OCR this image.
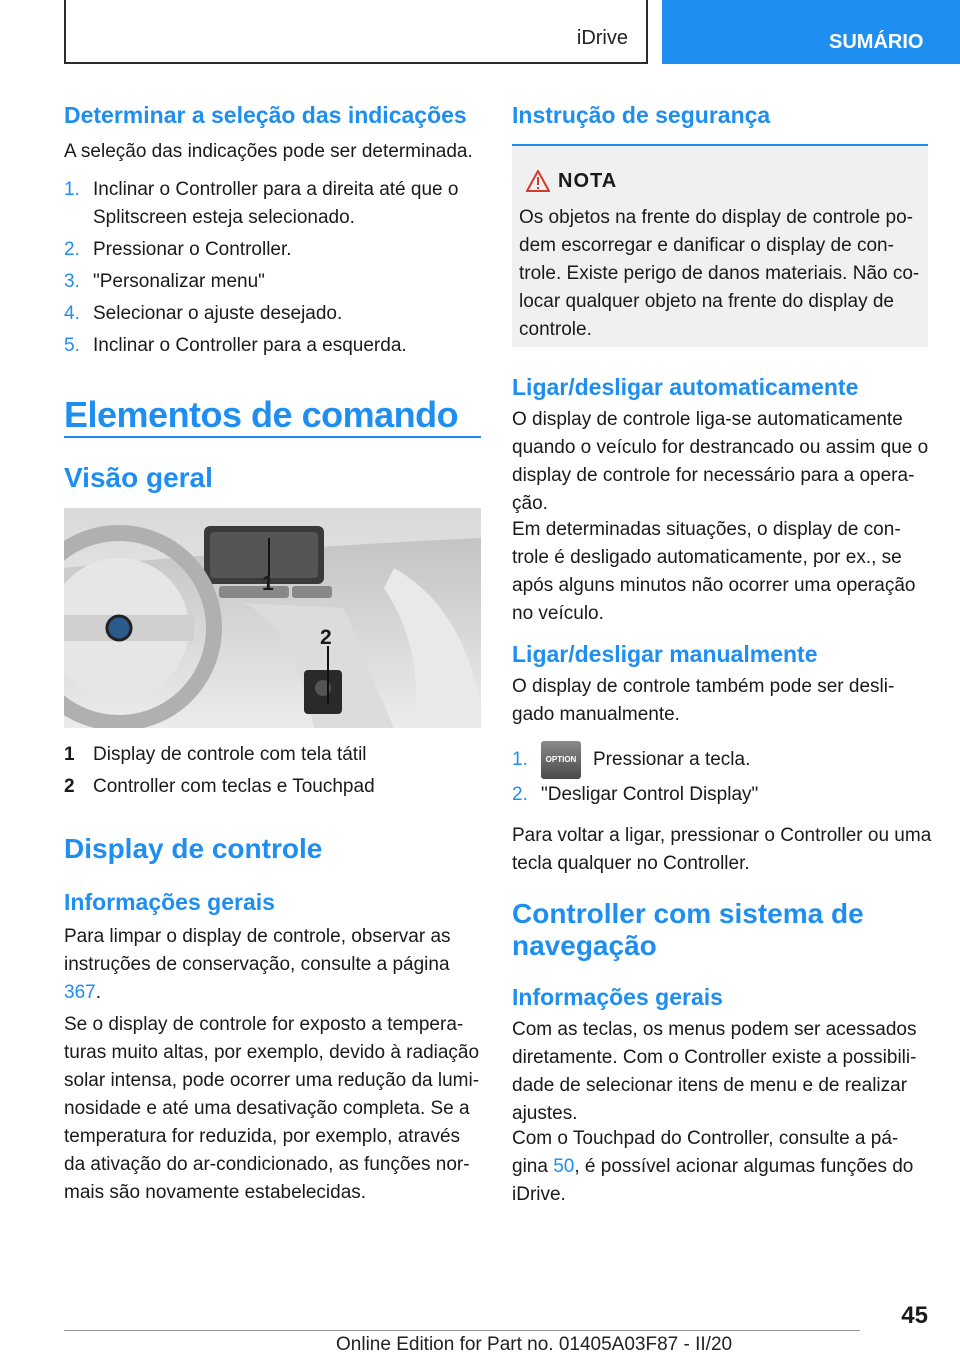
iDrive	SUMÁRIO
Determinar a seleção das indicações
A seleção das indicações pode ser determinada.
1. Inclinar o Controller para a direita até que o
Splitscreen esteja selecionado.
2. Pressionar o Controller.
3. "Personalizar menu"
4. Selecionar o ajuste desejado.
5. Inclinar o Controller para a esquerda.
Elementos de comando
Visão geral
1
2
1 Display de controle com tela tátil
2 Controller com teclas e Touchpad
Display de controle
Informações gerais
Para limpar o display de controle, observar as
instruções de conservação, consulte a página
367.
Se o display de controle for exposto a tempera-
turas muito altas, por exemplo, devido à radiação
solar intensa, pode ocorrer uma redução da lumi-
nosidade e até uma desativação completa. Se a
temperatura for reduzida, por exemplo, através
da ativação do ar-condicionado, as funções nor-
mais são novamente estabelecidas.
Instrução de segurança
NOTA
Os objetos na frente do display de controle po-
dem escorregar e danificar o display de con-
trole. Existe perigo de danos materiais. Não co-
locar qualquer objeto na frente do display de
controle.
Ligar/desligar automaticamente
O display de controle liga-se automaticamente
quando o veículo for destrancado ou assim que o
display de controle for necessário para a opera-
ção.
Em determinadas situações, o display de con-
trole é desligado automaticamente, por ex., se
após alguns minutos não ocorrer uma operação
no veículo.
Ligar/desligar manualmente
O display de controle também pode ser desli-
gado manualmente.
1.	OPTION Pressionar a tecla.
2. "Desligar Control Display"
Para voltar a ligar, pressionar o Controller ou uma
tecla qualquer no Controller.
Controller com sistema de
navegação
Informações gerais
Com as teclas, os menus podem ser acessados
diretamente. Com o Controller existe a possibili-
dade de selecionar itens de menu e de realizar
ajustes.
Com o Touchpad do Controller, consulte a pá-
gina 50, é possível acionar algumas funções do
iDrive.
45
Online Edition for Part no. 01405A03F87 - II/20
